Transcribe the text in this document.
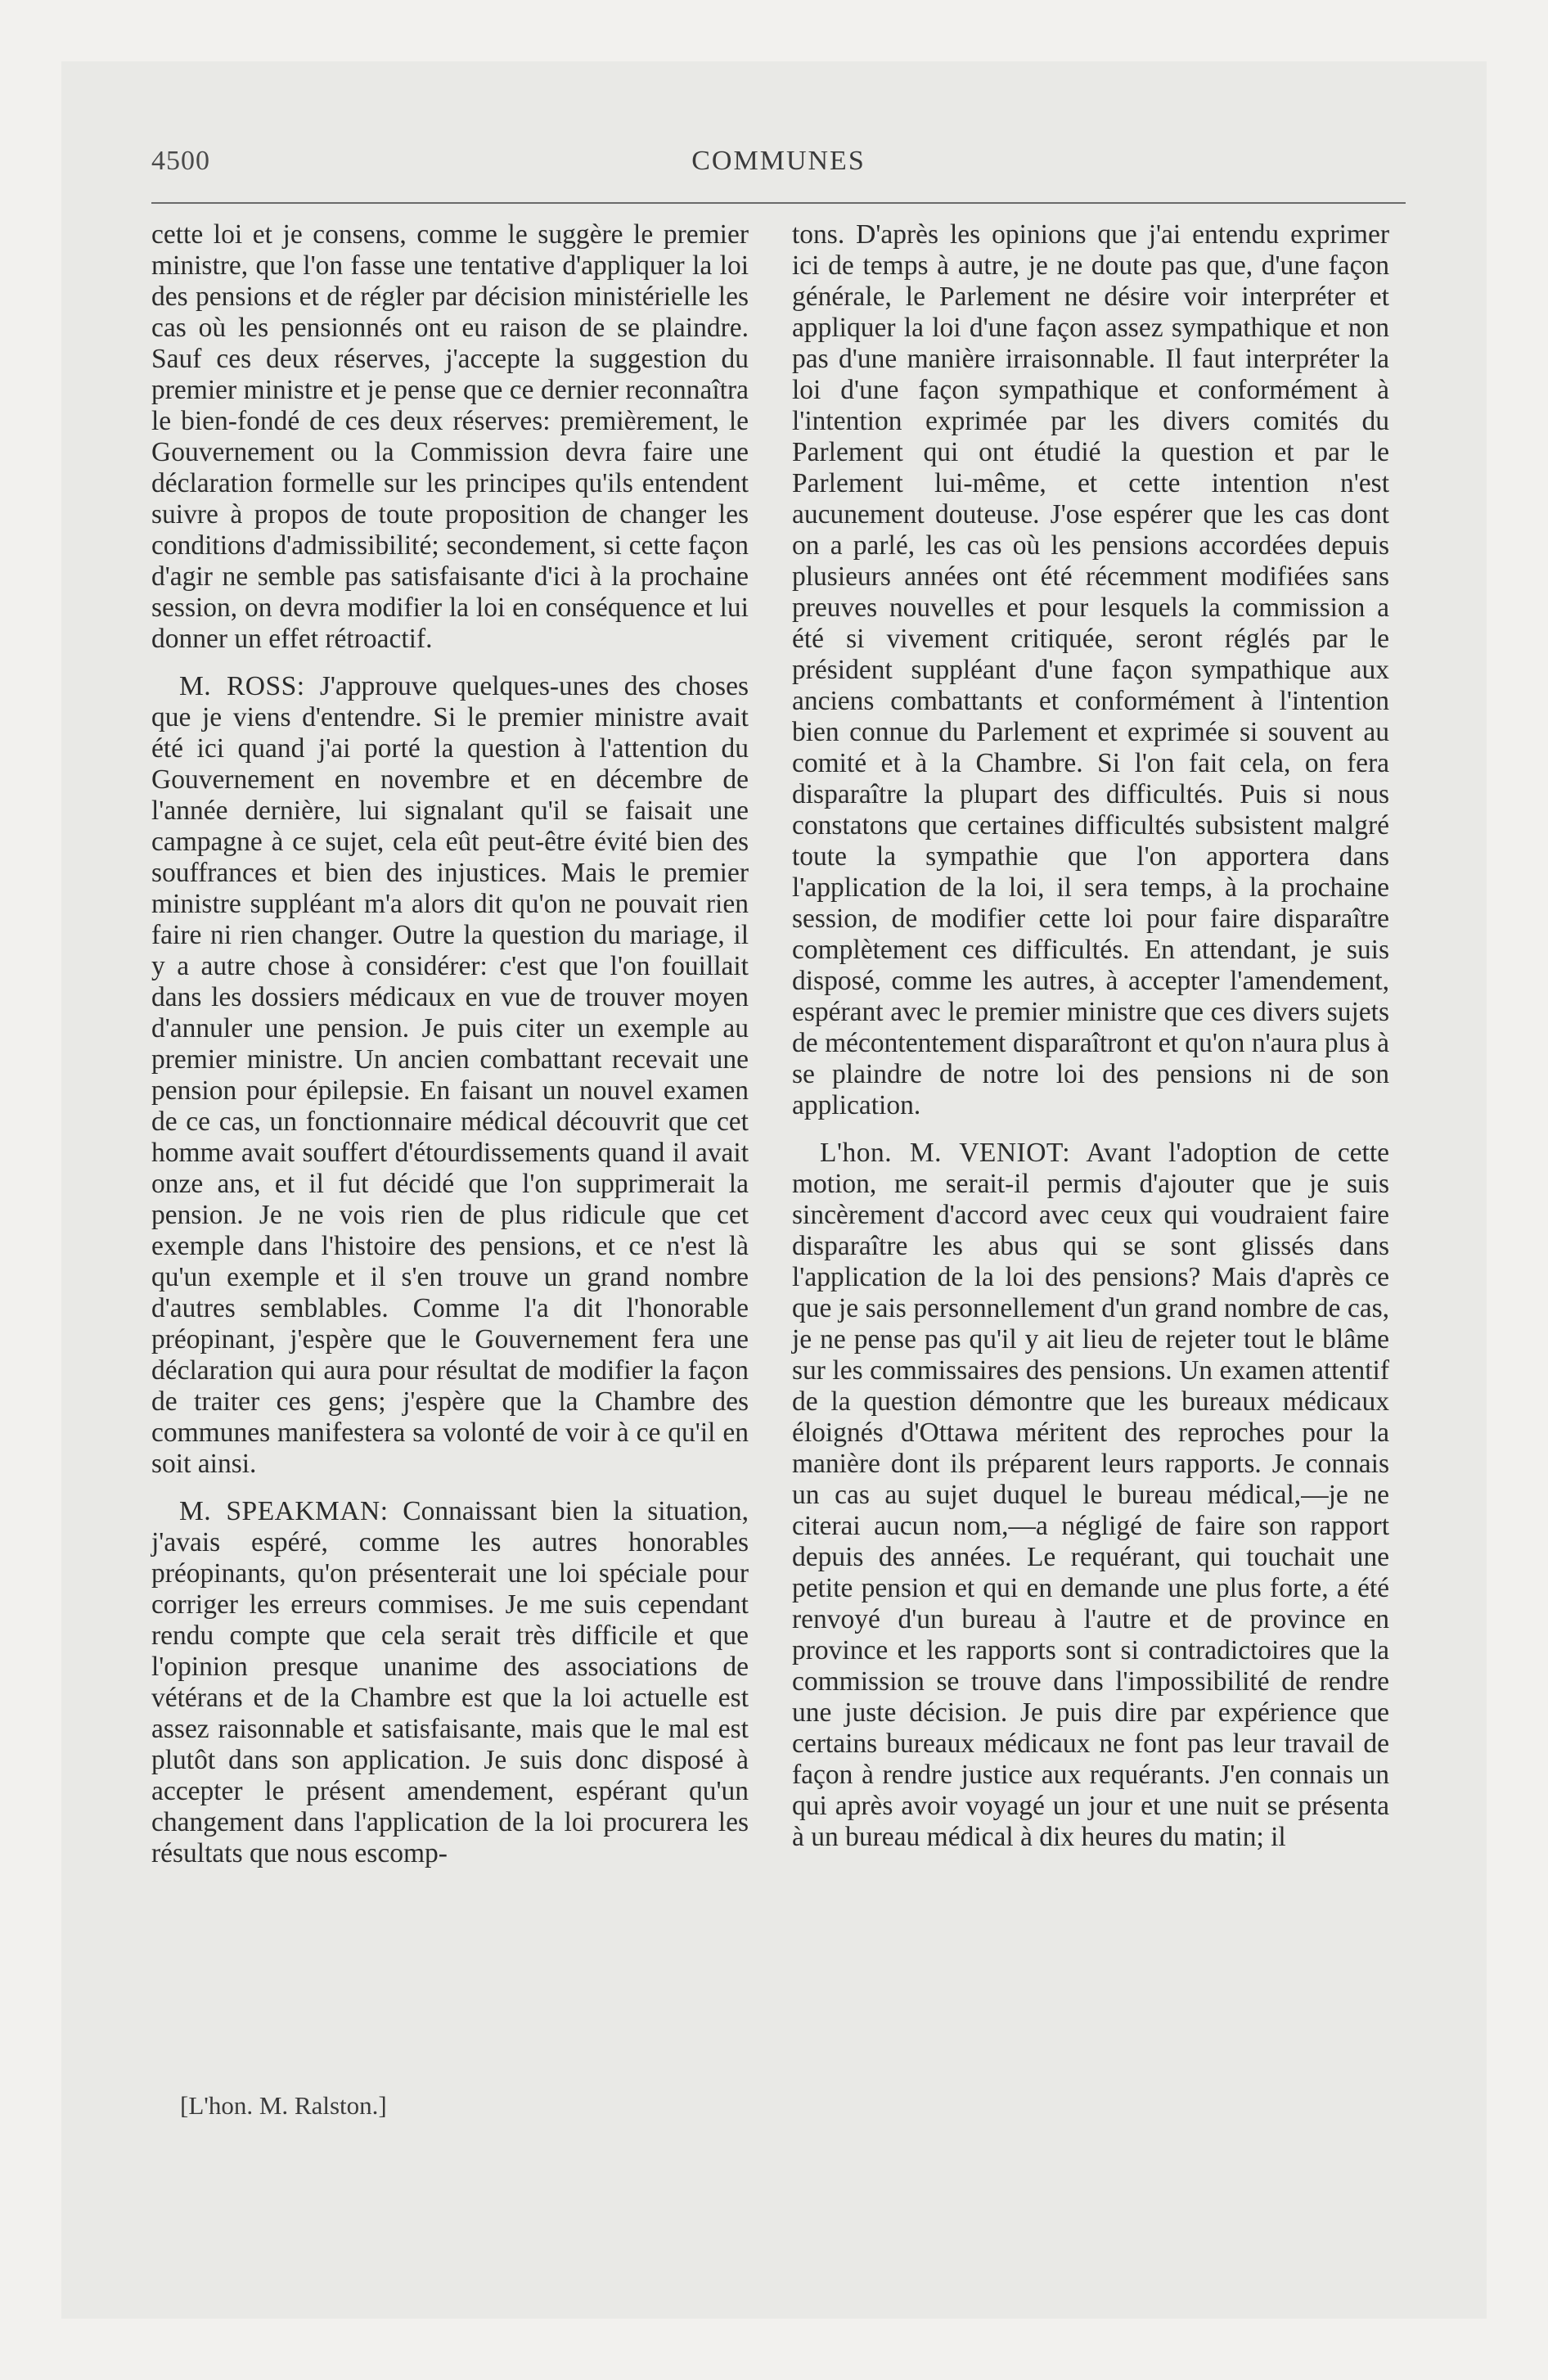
4500	COMMUNES

cette loi et je consens, comme le suggère le premier ministre, que l'on fasse une tentative d'appliquer la loi des pensions et de régler par décision ministérielle les cas où les pensionnés ont eu raison de se plaindre. Sauf ces deux réserves, j'accepte la suggestion du premier ministre et je pense que ce dernier reconnaîtra le bien-fondé de ces deux réserves: premièrement, le Gouvernement ou la Commission devra faire une déclaration formelle sur les principes qu'ils entendent suivre à propos de toute proposition de changer les conditions d'admissibilité; secondement, si cette façon d'agir ne semble pas satisfaisante d'ici à la prochaine session, on devra modifier la loi en conséquence et lui donner un effet rétroactif.

M. ROSS: J'approuve quelques-unes des choses que je viens d'entendre. Si le premier ministre avait été ici quand j'ai porté la question à l'attention du Gouvernement en novembre et en décembre de l'année dernière, lui signalant qu'il se faisait une campagne à ce sujet, cela eût peut-être évité bien des souffrances et bien des injustices. Mais le premier ministre suppléant m'a alors dit qu'on ne pouvait rien faire ni rien changer. Outre la question du mariage, il y a autre chose à considérer: c'est que l'on fouillait dans les dossiers médicaux en vue de trouver moyen d'annuler une pension. Je puis citer un exemple au premier ministre. Un ancien combattant recevait une pension pour épilepsie. En faisant un nouvel examen de ce cas, un fonctionnaire médical découvrit que cet homme avait souffert d'étourdissements quand il avait onze ans, et il fut décidé que l'on supprimerait la pension. Je ne vois rien de plus ridicule que cet exemple dans l'histoire des pensions, et ce n'est là qu'un exemple et il s'en trouve un grand nombre d'autres semblables. Comme l'a dit l'honorable préopinant, j'espère que le Gouvernement fera une déclaration qui aura pour résultat de modifier la façon de traiter ces gens; j'espère que la Chambre des communes manifestera sa volonté de voir à ce qu'il en soit ainsi.

M. SPEAKMAN: Connaissant bien la situation, j'avais espéré, comme les autres honorables préopinants, qu'on présenterait une loi spéciale pour corriger les erreurs commises. Je me suis cependant rendu compte que cela serait très difficile et que l'opinion presque unanime des associations de vétérans et de la Chambre est que la loi actuelle est assez raisonnable et satisfaisante, mais que le mal est plutôt dans son application. Je suis donc disposé à accepter le présent amendement, espérant qu'un changement dans l'application de la loi procurera les résultats que nous escomp-

[L'hon. M. Ralston.]

tons. D'après les opinions que j'ai entendu exprimer ici de temps à autre, je ne doute pas que, d'une façon générale, le Parlement ne désire voir interpréter et appliquer la loi d'une façon assez sympathique et non pas d'une manière irraisonnable. Il faut interpréter la loi d'une façon sympathique et conformément à l'intention exprimée par les divers comités du Parlement qui ont étudié la question et par le Parlement lui-même, et cette intention n'est aucunement douteuse. J'ose espérer que les cas dont on a parlé, les cas où les pensions accordées depuis plusieurs années ont été récemment modifiées sans preuves nouvelles et pour lesquels la commission a été si vivement critiquée, seront réglés par le président suppléant d'une façon sympathique aux anciens combattants et conformément à l'intention bien connue du Parlement et exprimée si souvent au comité et à la Chambre. Si l'on fait cela, on fera disparaître la plupart des difficultés. Puis si nous constatons que certaines difficultés subsistent malgré toute la sympathie que l'on apportera dans l'application de la loi, il sera temps, à la prochaine session, de modifier cette loi pour faire disparaître complètement ces difficultés. En attendant, je suis disposé, comme les autres, à accepter l'amendement, espérant avec le premier ministre que ces divers sujets de mécontentement disparaîtront et qu'on n'aura plus à se plaindre de notre loi des pensions ni de son application.

L'hon. M. VENIOT: Avant l'adoption de cette motion, me serait-il permis d'ajouter que je suis sincèrement d'accord avec ceux qui voudraient faire disparaître les abus qui se sont glissés dans l'application de la loi des pensions? Mais d'après ce que je sais personnellement d'un grand nombre de cas, je ne pense pas qu'il y ait lieu de rejeter tout le blâme sur les commissaires des pensions. Un examen attentif de la question démontre que les bureaux médicaux éloignés d'Ottawa méritent des reproches pour la manière dont ils préparent leurs rapports. Je connais un cas au sujet duquel le bureau médical,—je ne citerai aucun nom,—a négligé de faire son rapport depuis des années. Le requérant, qui touchait une petite pension et qui en demande une plus forte, a été renvoyé d'un bureau à l'autre et de province en province et les rapports sont si contradictoires que la commission se trouve dans l'impossibilité de rendre une juste décision. Je puis dire par expérience que certains bureaux médicaux ne font pas leur travail de façon à rendre justice aux requérants. J'en connais un qui après avoir voyagé un jour et une nuit se présenta à un bureau médical à dix heures du matin; il
